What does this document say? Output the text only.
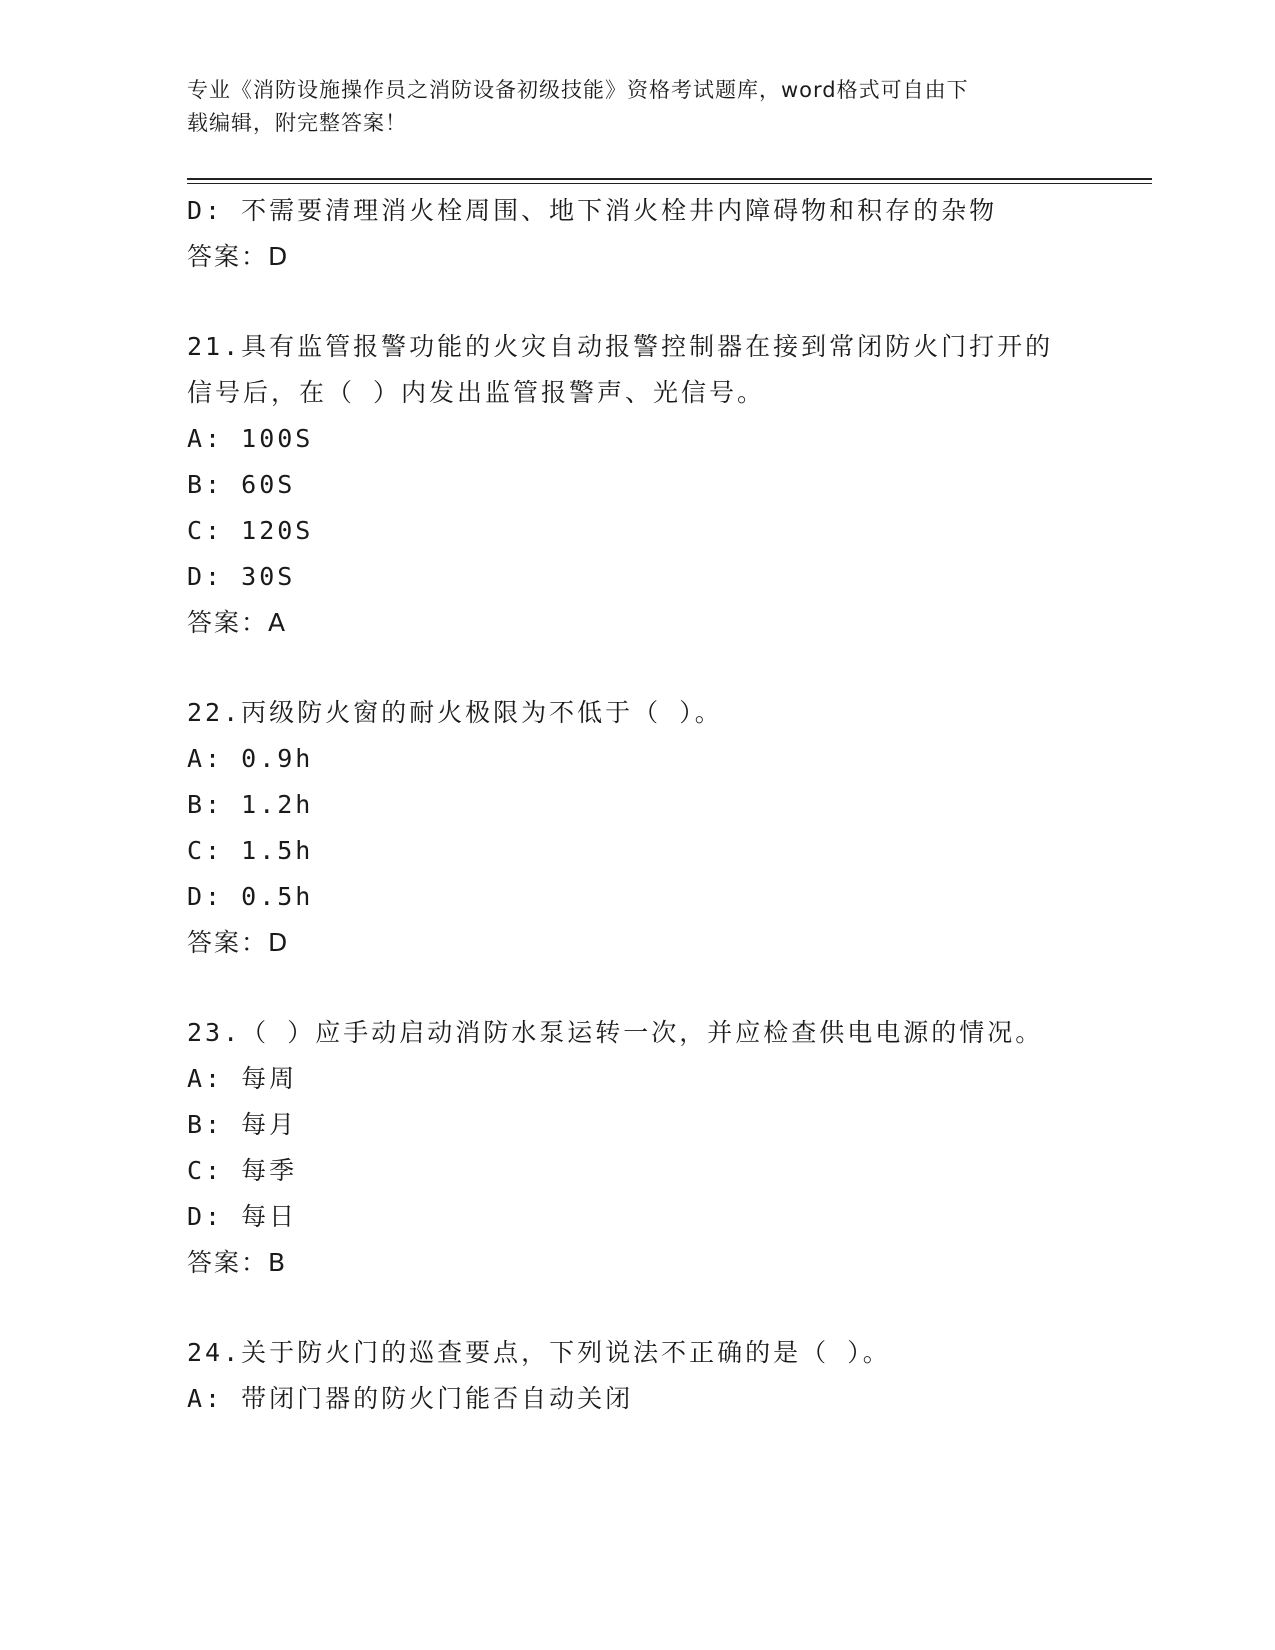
专业《消防设施操作员之消防设备初级技能》资格考试题库，word格式可自由下
载编辑，附完整答案！
D: 不需要清理消火栓周围、地下消火栓井内障碍物和积存的杂物
答案：D
21.具有监管报警功能的火灾自动报警控制器在接到常闭防火门打开的
信号后，在（ ）内发出监管报警声、光信号。
A: 100S
B: 60S
C: 120S
D: 30S
答案：A
22.丙级防火窗的耐火极限为不低于（ ）。
A: 0.9h
B: 1.2h
C: 1.5h
D: 0.5h
答案：D
23.（ ）应手动启动消防水泵运转一次，并应检查供电电源的情况。
A: 每周
B: 每月
C: 每季
D: 每日
答案：B
24.关于防火门的巡查要点，下列说法不正确的是（ ）。
A: 带闭门器的防火门能否自动关闭
